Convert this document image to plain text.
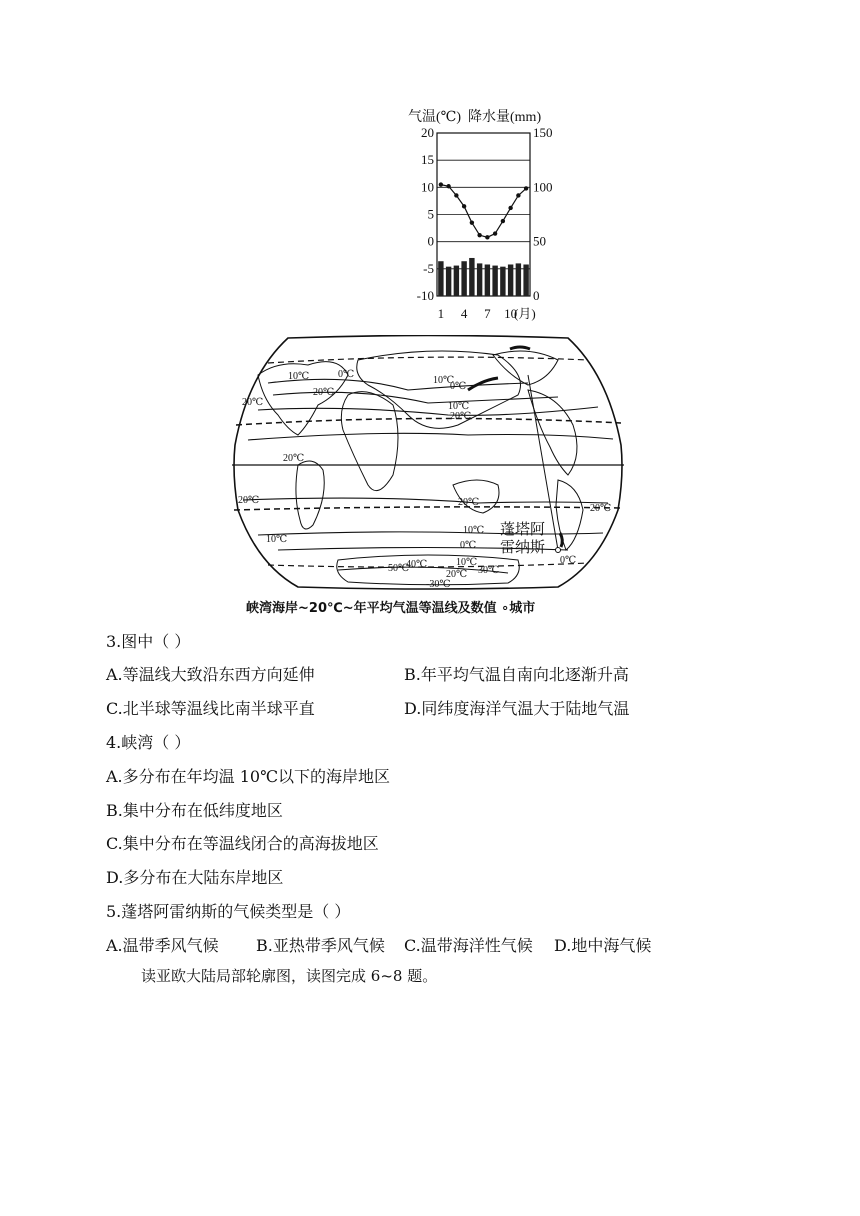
气温(℃) 降水量(mm)
20
15
10
5
0
-5
-10
150
100
50
0
1 4 7 10
(月)
10℃	0℃
10℃
0℃
20℃
10℃
20℃
20℃
20℃	20℃
20℃
10℃
10℃
0℃
0℃
10℃
20℃
-30℃
50℃
40℃
30℃
20℃
蓬塔阿
雷纳斯
峡湾海岸~20℃~年平均气温等温线及数值 ∘城市
3.图中（ ）
A.等温线大致沿东西方向延伸	B.年平均气温自南向北逐渐升高
C.北半球等温线比南半球平直	D.同纬度海洋气温大于陆地气温
4.峡湾（ ）
A.多分布在年均温 10℃以下的海岸地区
B.集中分布在低纬度地区
C.集中分布在等温线闭合的高海拔地区
D.多分布在大陆东岸地区
5.蓬塔阿雷纳斯的气候类型是（ ）
A.温带季风气候 B.亚热带季风气候 C.温带海洋性气候 D.地中海气候
读亚欧大陆局部轮廓图，读图完成 6~8 题。
